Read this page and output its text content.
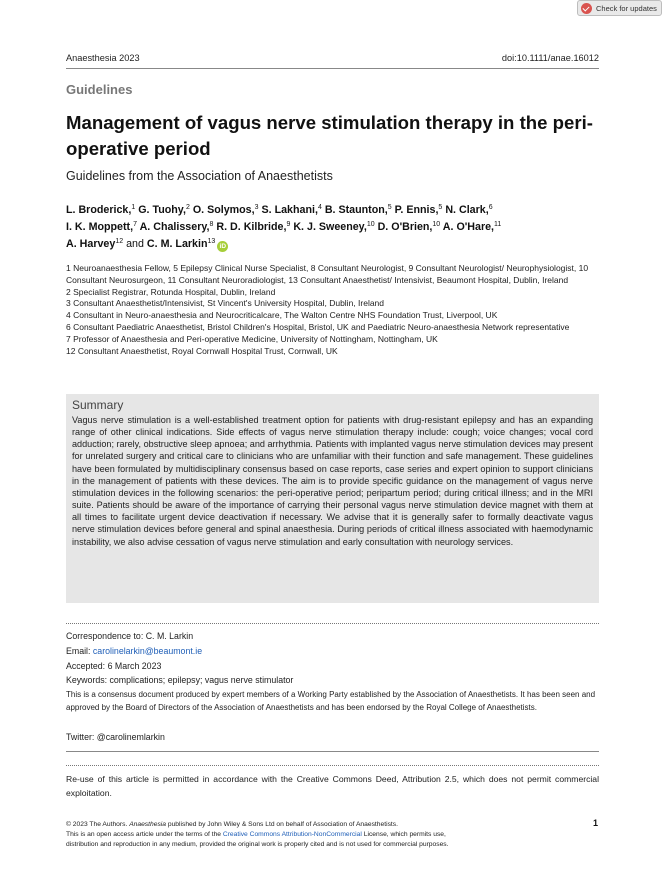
Check for updates
Anaesthesia 2023	doi:10.1111/anae.16012
Guidelines
Management of vagus nerve stimulation therapy in the peri-operative period
Guidelines from the Association of Anaesthetists
L. Broderick,$^1$ G. Tuohy,$^2$ O. Solymos,$^3$ S. Lakhani,$^4$ B. Staunton,$^5$ P. Ennis,$^5$ N. Clark,$^6$
I. K. Moppett,$^7$ A. Chalissery,$^8$ R. D. Kilbride,$^9$ K. J. Sweeney,$^{10}$ D. O'Brien,$^{10}$ A. O'Hare,$^{11}$
A. Harvey$^{12}$ and C. M. Larkin$^{13}$iD
1 Neuroanaesthesia Fellow, 5 Epilepsy Clinical Nurse Specialist, 8 Consultant Neurologist, 9 Consultant Neurologist/ Neurophysiologist, 10 Consultant Neurosurgeon, 11 Consultant Neuroradiologist, 13 Consultant Anaesthetist/ Intensivist, Beaumont Hospital, Dublin, Ireland
2 Specialist Registrar, Rotunda Hospital, Dublin, Ireland
3 Consultant Anaesthetist/Intensivist, St Vincent's University Hospital, Dublin, Ireland
4 Consultant in Neuro-anaesthesia and Neurocriticalcare, The Walton Centre NHS Foundation Trust, Liverpool, UK
6 Consultant Paediatric Anaesthetist, Bristol Children's Hospital, Bristol, UK and Paediatric Neuro-anaesthesia Network representative
7 Professor of Anaesthesia and Peri-operative Medicine, University of Nottingham, Nottingham, UK
12 Consultant Anaesthetist, Royal Cornwall Hospital Trust, Cornwall, UK
Summary

Vagus nerve stimulation is a well-established treatment option for patients with drug-resistant epilepsy and has an expanding range of other clinical indications. Side effects of vagus nerve stimulation therapy include: cough; voice changes; vocal cord adduction; rarely, obstructive sleep apnoea; and arrhythmia. Patients with implanted vagus nerve stimulation devices may present for unrelated surgery and critical care to clinicians who are unfamiliar with their function and safe management. These guidelines have been formulated by multidisciplinary consensus based on case reports, case series and expert opinion to support clinicians in the management of patients with these devices. The aim is to provide specific guidance on the management of vagus nerve stimulation devices in the following scenarios: the peri-operative period; peripartum period; during critical illness; and in the MRI suite. Patients should be aware of the importance of carrying their personal vagus nerve stimulation device magnet with them at all times to facilitate urgent device deactivation if necessary. We advise that it is generally safer to formally deactivate vagus nerve stimulation devices before general and spinal anaesthesia. During periods of critical illness associated with haemodynamic instability, we also advise cessation of vagus nerve stimulation and early consultation with neurology services.

Correspondence to: C. M. Larkin
Email: carolinelarkin@beaumont.ie
Accepted: 6 March 2023
Keywords: complications; epilepsy; vagus nerve stimulator
This is a consensus document produced by expert members of a Working Party established by the Association of Anaesthetists. It has been seen and approved by the Board of Directors of the Association of Anaesthetists and has been endorsed by the Royal College of Anaesthetists.
Twitter: @carolinemlarkin
Re-use of this article is permitted in accordance with the Creative Commons Deed, Attribution 2.5, which does not permit commercial exploitation.
© 2023 The Authors. Anaesthesia published by John Wiley & Sons Ltd on behalf of Association of Anaesthetists.
This is an open access article under the terms of the Creative Commons Attribution-NonCommercial License, which permits use,
distribution and reproduction in any medium, provided the original work is properly cited and is not used for commercial purposes.
1
